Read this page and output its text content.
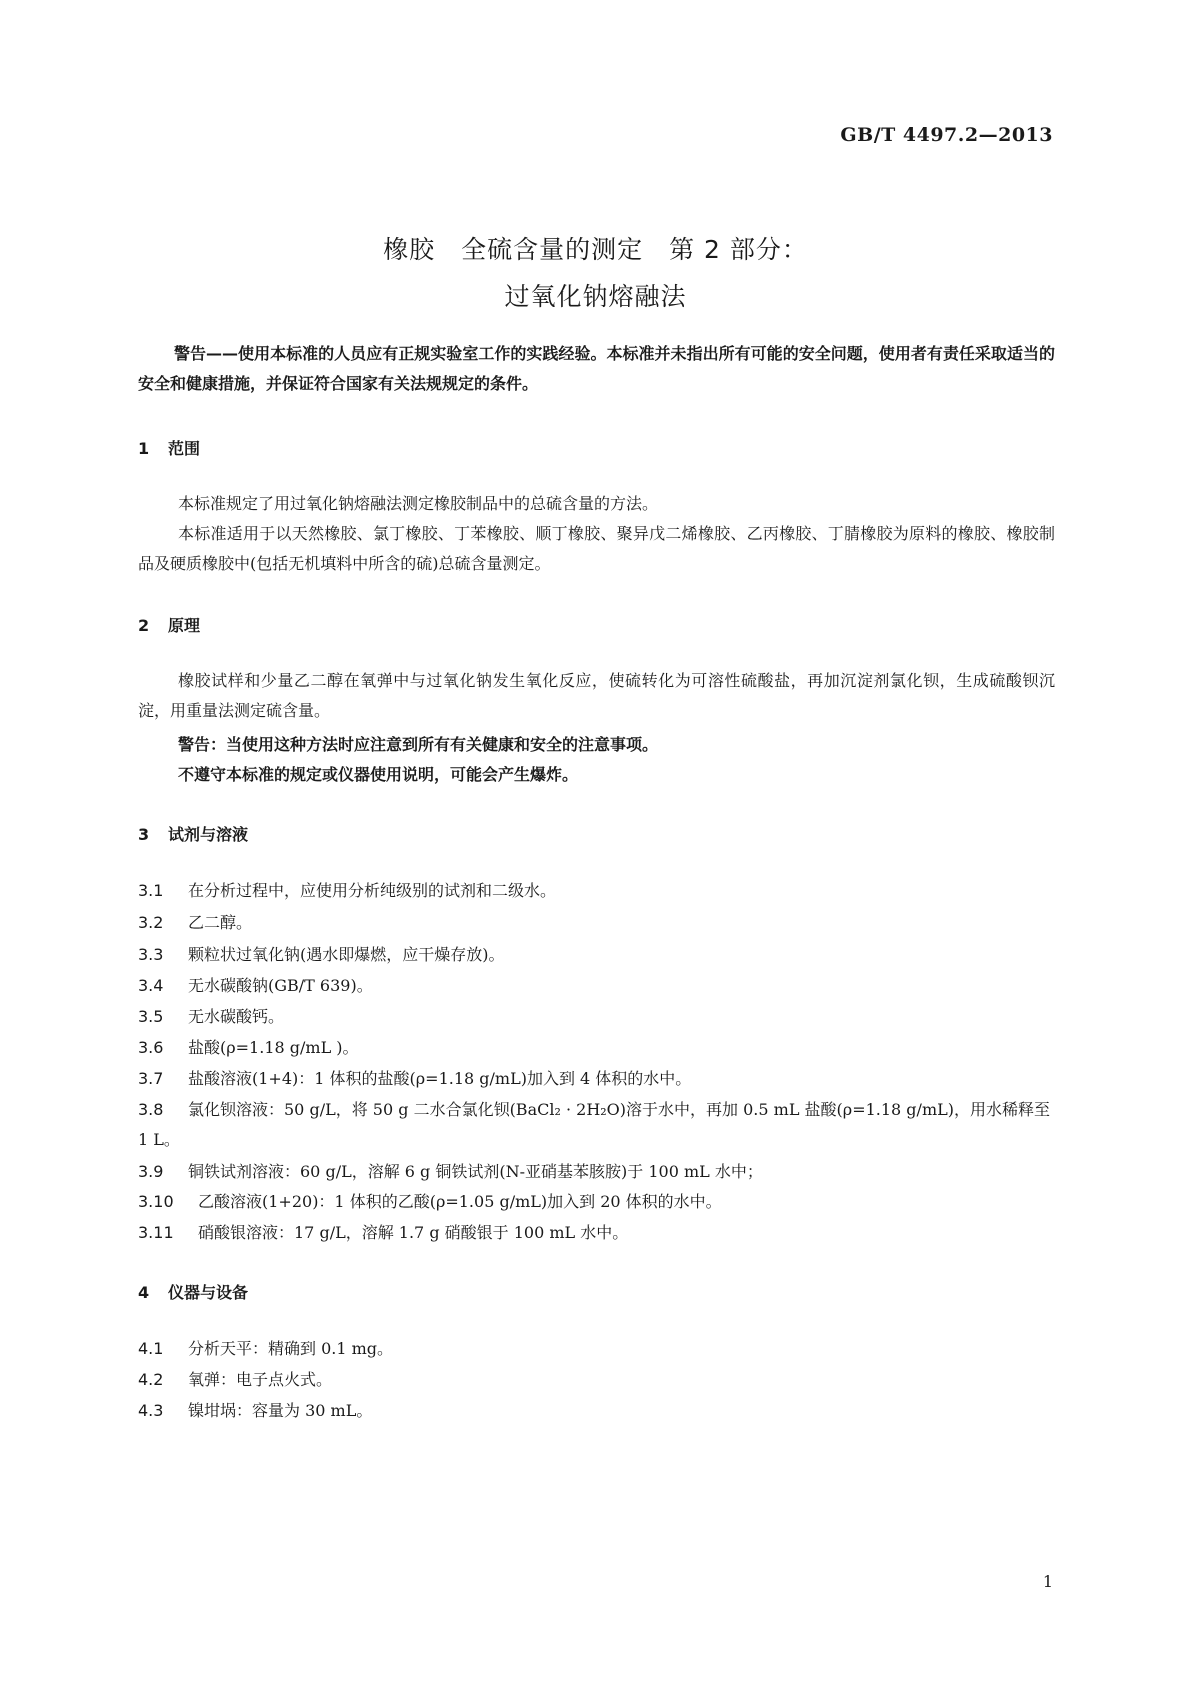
GB/T 4497.2—2013
橡胶　全硫含量的测定　第 2 部分：
过氧化钠熔融法
警告——使用本标准的人员应有正规实验室工作的实践经验。本标准并未指出所有可能的安全问题，使用者有责任采取适当的安全和健康措施，并保证符合国家有关法规规定的条件。
1 范围
本标准规定了用过氧化钠熔融法测定橡胶制品中的总硫含量的方法。
本标准适用于以天然橡胶、氯丁橡胶、丁苯橡胶、顺丁橡胶、聚异戊二烯橡胶、乙丙橡胶、丁腈橡胶为原料的橡胶、橡胶制品及硬质橡胶中(包括无机填料中所含的硫)总硫含量测定。
2 原理
橡胶试样和少量乙二醇在氧弹中与过氧化钠发生氧化反应，使硫转化为可溶性硫酸盐，再加沉淀剂氯化钡，生成硫酸钡沉淀，用重量法测定硫含量。
警告：当使用这种方法时应注意到所有有关健康和安全的注意事项。
不遵守本标准的规定或仪器使用说明，可能会产生爆炸。
3 试剂与溶液
3.1 在分析过程中，应使用分析纯级别的试剂和二级水。
3.2 乙二醇。
3.3 颗粒状过氧化钠(遇水即爆燃，应干燥存放)。
3.4 无水碳酸钠(GB/T 639)。
3.5 无水碳酸钙。
3.6 盐酸(ρ=1.18 g/mL )。
3.7 盐酸溶液(1+4)：1 体积的盐酸(ρ=1.18 g/mL)加入到 4 体积的水中。
3.8 氯化钡溶液：50 g/L，将 50 g 二水合氯化钡(BaCl₂ · 2H₂O)溶于水中，再加 0.5 mL 盐酸(ρ=1.18 g/mL)，用水稀释至 1 L。
3.9 铜铁试剂溶液：60 g/L，溶解 6 g 铜铁试剂(N-亚硝基苯胲胺)于 100 mL 水中；
3.10 乙酸溶液(1+20)：1 体积的乙酸(ρ=1.05 g/mL)加入到 20 体积的水中。
3.11 硝酸银溶液：17 g/L，溶解 1.7 g 硝酸银于 100 mL 水中。
4 仪器与设备
4.1 分析天平：精确到 0.1 mg。
4.2 氧弹：电子点火式。
4.3 镍坩埚：容量为 30 mL。
1
